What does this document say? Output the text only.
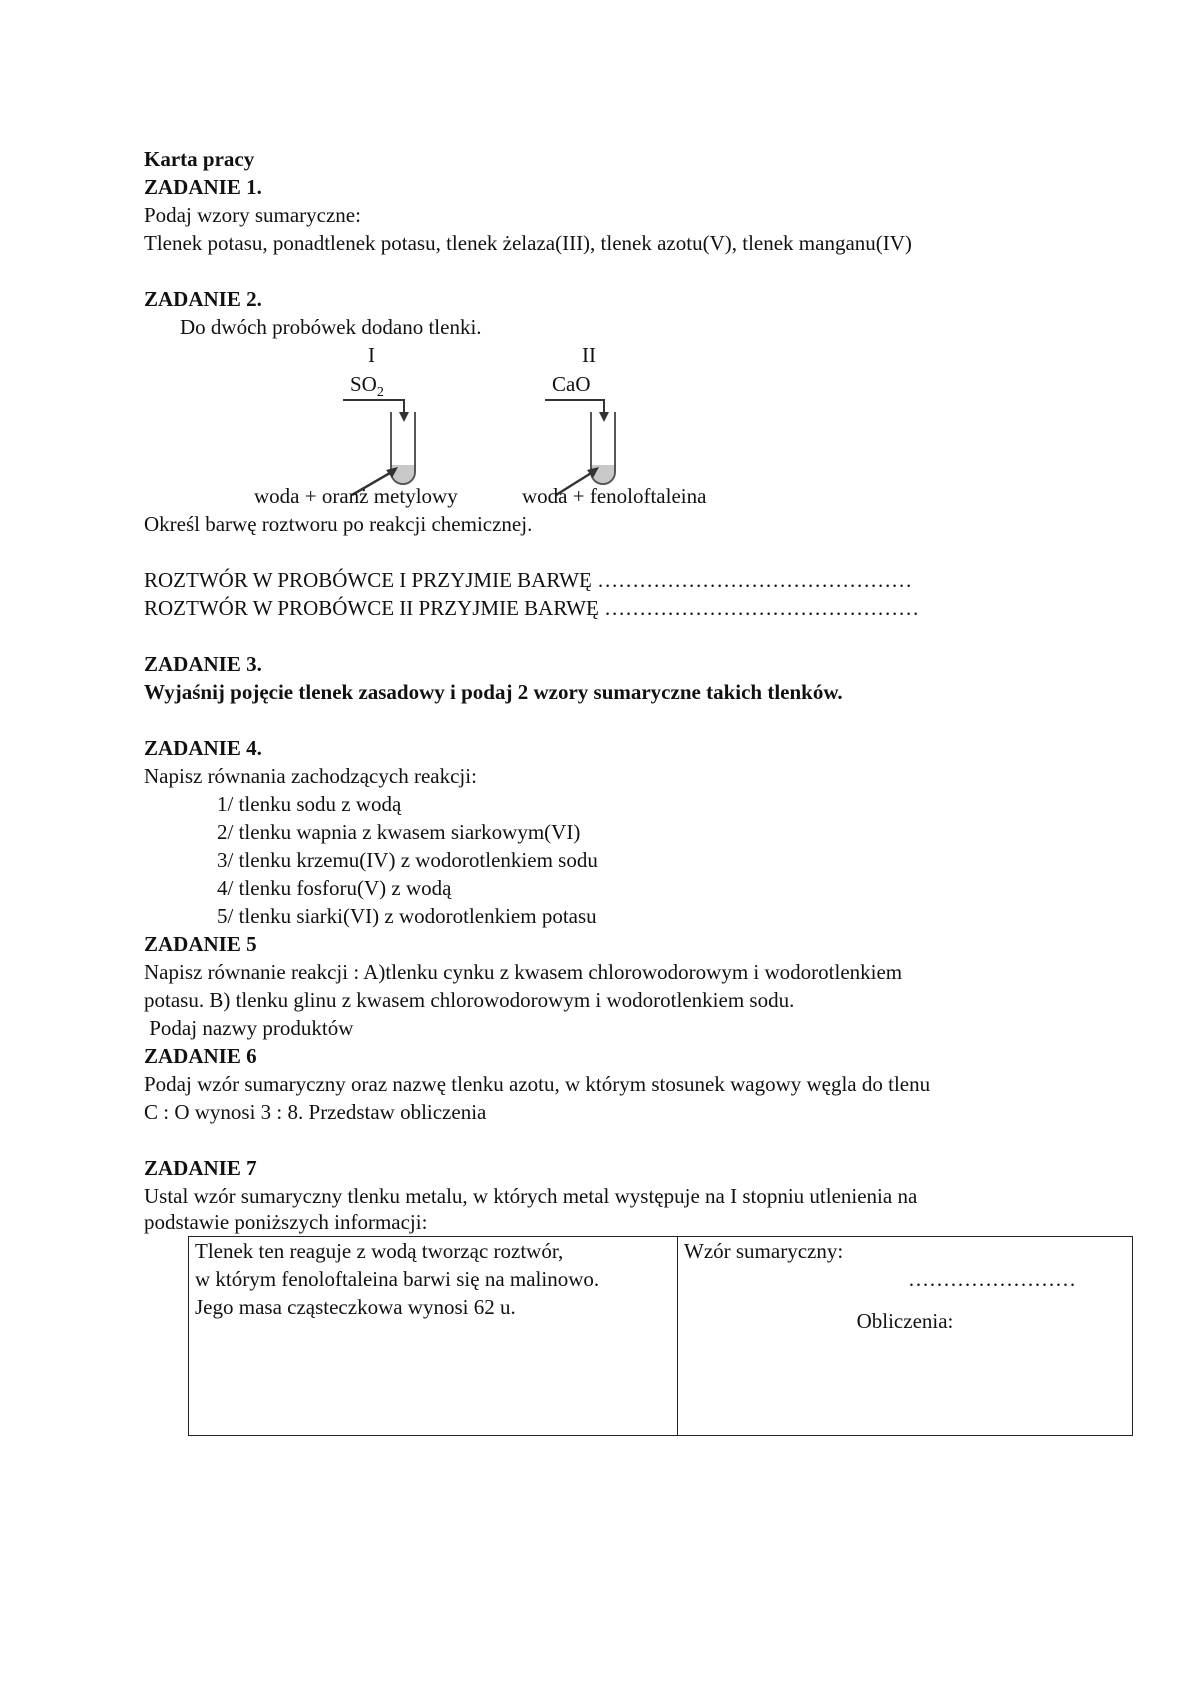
Karta pracy
ZADANIE 1.
Podaj wzory sumaryczne:
Tlenek potasu, ponadtlenek potasu, tlenek żelaza(III), tlenek azotu(V), tlenek manganu(IV)
ZADANIE 2.
Do dwóch probówek dodano tlenki.
I	II
$SO_2$	CaO
woda + oranż metylowy	woda + fenoloftaleina
Określ barwę roztworu po reakcji chemicznej.
ROZTWÓR W PROBÓWCE I PRZYJMIE BARWĘ ………………………………………
ROZTWÓR W PROBÓWCE II PRZYJMIE BARWĘ ………………………………………
ZADANIE 3.
Wyjaśnij pojęcie tlenek zasadowy i podaj 2 wzory sumaryczne takich tlenków.
ZADANIE 4.
Napisz równania zachodzących reakcji:
1/ tlenku sodu z wodą
2/ tlenku wapnia z kwasem siarkowym(VI)
3/ tlenku krzemu(IV) z wodorotlenkiem sodu
4/ tlenku fosforu(V) z wodą
5/ tlenku siarki(VI) z wodorotlenkiem potasu
ZADANIE 5
Napisz równanie reakcji : A)tlenku cynku z kwasem chlorowodorowym i wodorotlenkiem
potasu. B) tlenku glinu z kwasem chlorowodorowym i wodorotlenkiem sodu.
Podaj nazwy produktów
ZADANIE 6
Podaj wzór sumaryczny oraz nazwę tlenku azotu, w którym stosunek wagowy węgla do tlenu
C : O wynosi 3 : 8. Przedstaw obliczenia
ZADANIE 7
Ustal wzór sumaryczny tlenku metalu, w których metal występuje na I stopniu utlenienia na
podstawie poniższych informacji:
Tlenek ten reaguje z wodą tworząc roztwór,
w którym fenoloftaleina barwi się na malinowo.
Jego masa cząsteczkowa wynosi 62 u.

Wzór sumaryczny:
……………………
Obliczenia:
